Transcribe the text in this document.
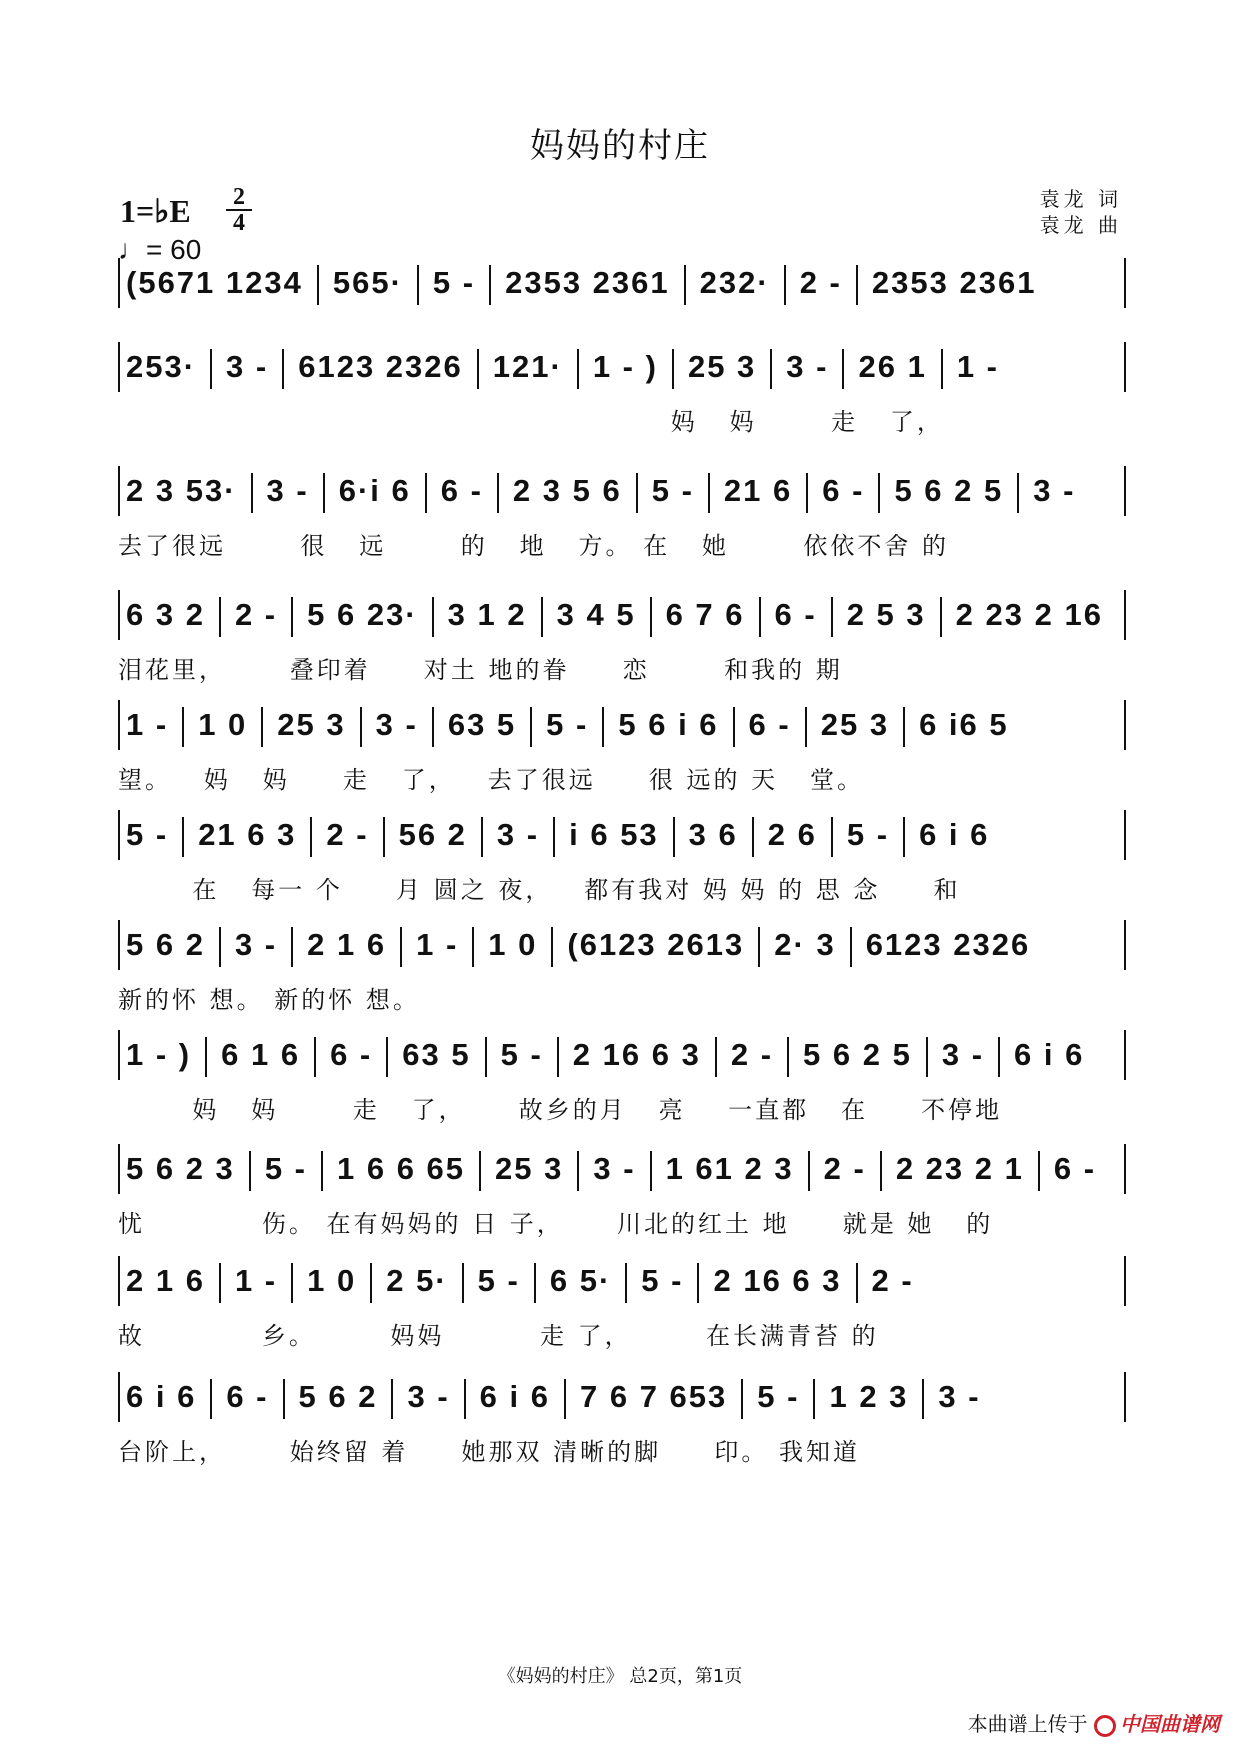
妈妈的村庄
1=♭E 2
4
♩= 60
袁龙 词
袁龙 曲
(5671 1234 565· 5 - 2353 2361 232· 2 - 2353 2361
253· 3 - 6123 2326 121· 1 - ) 25 3 3 - 26 1 1 -
妈   妈       走   了，
2 3 53· 3 - 6·i 6 6 - 2 3 5 6 5 - 21 6 6 - 5 6 2 5 3 -
去了很远       很   远       的   地   方。 在   她       依依不舍 的
6 3 2 2 - 5 6 23· 3 1 2 3 4 5 6 7 6 6 - 2 5 3 2 23 2 16
泪花里，      叠印着     对土 地的眷     恋       和我的 期
1 - 1 0 25 3 3 - 63 5 5 - 5 6 i 6 6 - 25 3 6 i6 5
望。   妈   妈     走   了，   去了很远     很 远的 天   堂。
5 - 21 6 3 2 - 56 2 3 - i 6 53 3 6 2 6 5 - 6 i 6
在   每一 个     月 圆之 夜，   都有我对 妈 妈 的 思 念     和
5 6 2 3 - 2 1 6 1 - 1 0 (6123 2613 2· 3 6123 2326
新的怀 想。 新的怀 想。
1 - ) 6 1 6 6 - 63 5 5 - 2 16 6 3 2 - 5 6 2 5 3 - 6 i 6
妈   妈       走   了，     故乡的月   亮    一直都   在     不停地
5 6 2 3 5 - 1 6 6 65 25 3 3 - 1 61 2 3 2 - 2 23 2 1 6 -
忧           伤。 在有妈妈的 日 子，     川北的红土 地     就是 她   的
2 1 6 1 - 1 0 2 5· 5 - 6 5· 5 - 2 16 6 3 2 -
故           乡。       妈妈         走 了，       在长满青苔 的
6 i 6 6 - 5 6 2 3 - 6 i 6 7 6 7 653 5 - 1 2 3 3 -
台阶上，      始终留 着     她那双 清晰的脚     印。 我知道
《妈妈的村庄》 总2页，第1页
本曲谱上传于 中国曲谱网
